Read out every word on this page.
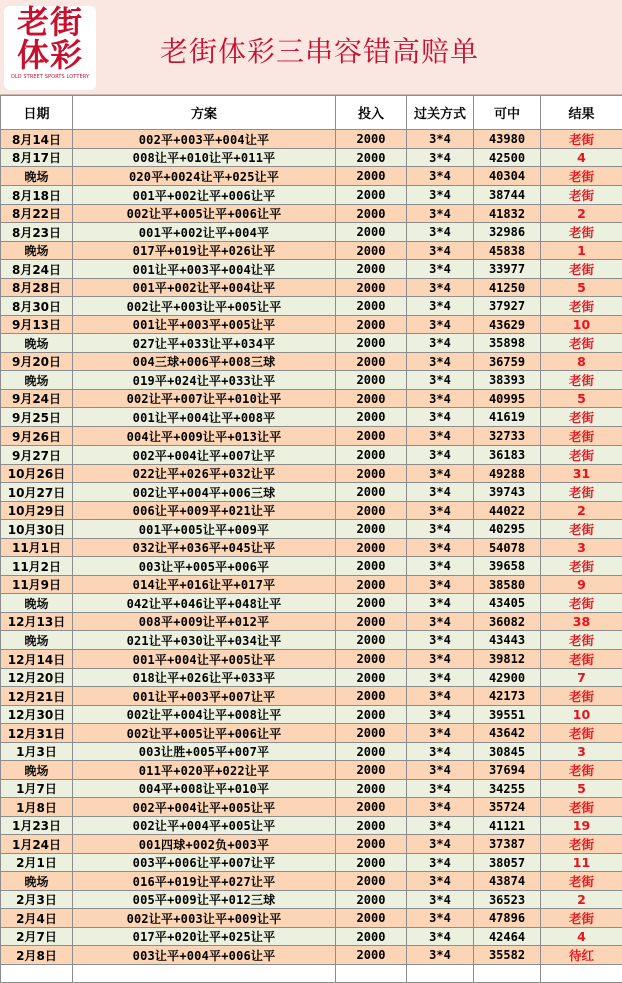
老街
体彩
OLD STREET SPORTS LOTTERY
老街体彩三串容错高赔单
日期	方案	投入	过关方式	可中	结果
8月14日	002平+003平+004让平	2000	3*4	43980	老街
8月17日	008让平+010让平+011平	2000	3*4	42500	4
晚场	020平+0024让平+025让平	2000	3*4	40304	老街
8月18日	001平+002让平+006让平	2000	3*4	38744	老街
8月22日	002让平+005让平+006让平	2000	3*4	41832	2
8月23日	001平+002让平+004平	2000	3*4	32986	老街
晚场	017平+019让平+026让平	2000	3*4	45838	1
8月24日	001让平+003平+004让平	2000	3*4	33977	老街
8月28日	001平+002让平+004让平	2000	3*4	41250	5
8月30日	002让平+003让平+005让平	2000	3*4	37927	老街
9月13日	001让平+003平+005让平	2000	3*4	43629	10
晚场	027让平+033让平+034平	2000	3*4	35898	老街
9月20日	004三球+006平+008三球	2000	3*4	36759	8
晚场	019平+024让平+033让平	2000	3*4	38393	老街
9月24日	002让平+007让平+010让平	2000	3*4	40995	5
9月25日	001让平+004让平+008平	2000	3*4	41619	老街
9月26日	004让平+009让平+013让平	2000	3*4	32733	老街
9月27日	002平+004让平+007让平	2000	3*4	36183	老街
10月26日	022让平+026平+032让平	2000	3*4	49288	31
10月27日	002让平+004平+006三球	2000	3*4	39743	老街
10月29日	006让平+009平+021让平	2000	3*4	44022	2
10月30日	001平+005让平+009平	2000	3*4	40295	老街
11月1日	032让平+036平+045让平	2000	3*4	54078	3
11月2日	003让平+005平+006平	2000	3*4	39658	老街
11月9日	014让平+016让平+017平	2000	3*4	38580	9
晚场	042让平+046让平+048让平	2000	3*4	43405	老街
12月13日	008平+009让平+012平	2000	3*4	36082	38
晚场	021让平+030让平+034让平	2000	3*4	43443	老街
12月14日	001平+004让平+005让平	2000	3*4	39812	老街
12月20日	018让平+026让平+033平	2000	3*4	42900	7
12月21日	001让平+003平+007让平	2000	3*4	42173	老街
12月30日	002让平+004让平+008让平	2000	3*4	39551	10
12月31日	002让平+005让平+006让平	2000	3*4	43642	老街
1月3日	003让胜+005平+007平	2000	3*4	30845	3
晚场	011平+020平+022让平	2000	3*4	37694	老街
1月7日	004平+008让平+010平	2000	3*4	34255	5
1月8日	002平+004让平+005让平	2000	3*4	35724	老街
1月23日	002让平+004平+005让平	2000	3*4	41121	19
1月24日	001四球+002负+003平	2000	3*4	37387	老街
2月1日	003平+006让平+007让平	2000	3*4	38057	11
晚场	016平+019让平+027让平	2000	3*4	43874	老街
2月3日	005平+009让平+012三球	2000	3*4	36523	2
2月4日	002让平+003让平+009让平	2000	3*4	47896	老街
2月7日	017平+020让平+025让平	2000	3*4	42464	4
2月8日	003让平+004平+006让平	2000	3*4	35582	待红
